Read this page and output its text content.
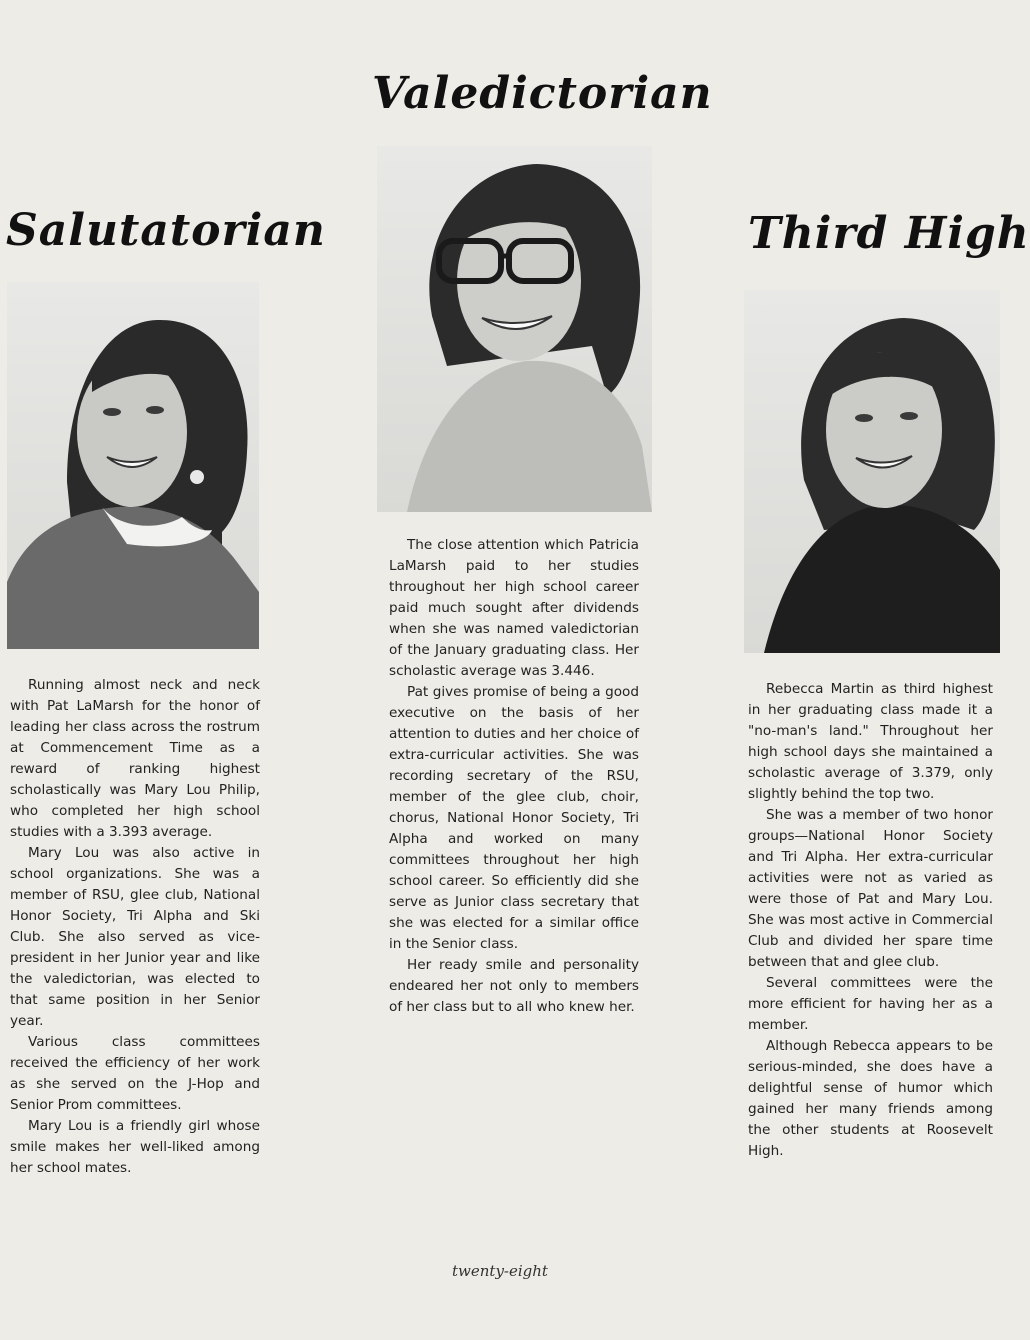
Valedictorian
Salutatorian	Third High

Running almost neck and neck with Pat LaMarsh for the honor of leading her class across the rostrum at Commencement Time as a reward of ranking highest scholastically was Mary Lou Philip, who completed her high school studies with a 3.393 average.

Mary Lou was also active in school organizations. She was a member of RSU, glee club, National Honor Society, Tri Alpha and Ski Club. She also served as vice-president in her Junior year and like the valedictorian, was elected to that same position in her Senior year.

Various class committees received the efficiency of her work as she served on the J-Hop and Senior Prom committees.

Mary Lou is a friendly girl whose smile makes her well-liked among her school mates.

The close attention which Patricia LaMarsh paid to her studies throughout her high school career paid much sought after dividends when she was named valedictorian of the January graduating class. Her scholastic average was 3.446.

Pat gives promise of being a good executive on the basis of her attention to duties and her choice of extra-curricular activities. She was recording secretary of the RSU, member of the glee club, choir, chorus, National Honor Society, Tri Alpha and worked on many committees throughout her high school career. So efficiently did she serve as Junior class secretary that she was elected for a similar office in the Senior class.

Her ready smile and personality endeared her not only to members of her class but to all who knew her.

Rebecca Martin as third highest in her graduating class made it a "no-man's land." Throughout her high school days she maintained a scholastic average of 3.379, only slightly behind the top two.

She was a member of two honor groups—National Honor Society and Tri Alpha. Her extra-curricular activities were not as varied as were those of Pat and Mary Lou. She was most active in Commercial Club and divided her spare time between that and glee club.

Several committees were the more efficient for having her as a member.

Although Rebecca appears to be serious-minded, she does have a delightful sense of humor which gained her many friends among the other students at Roosevelt High.

twenty-eight
